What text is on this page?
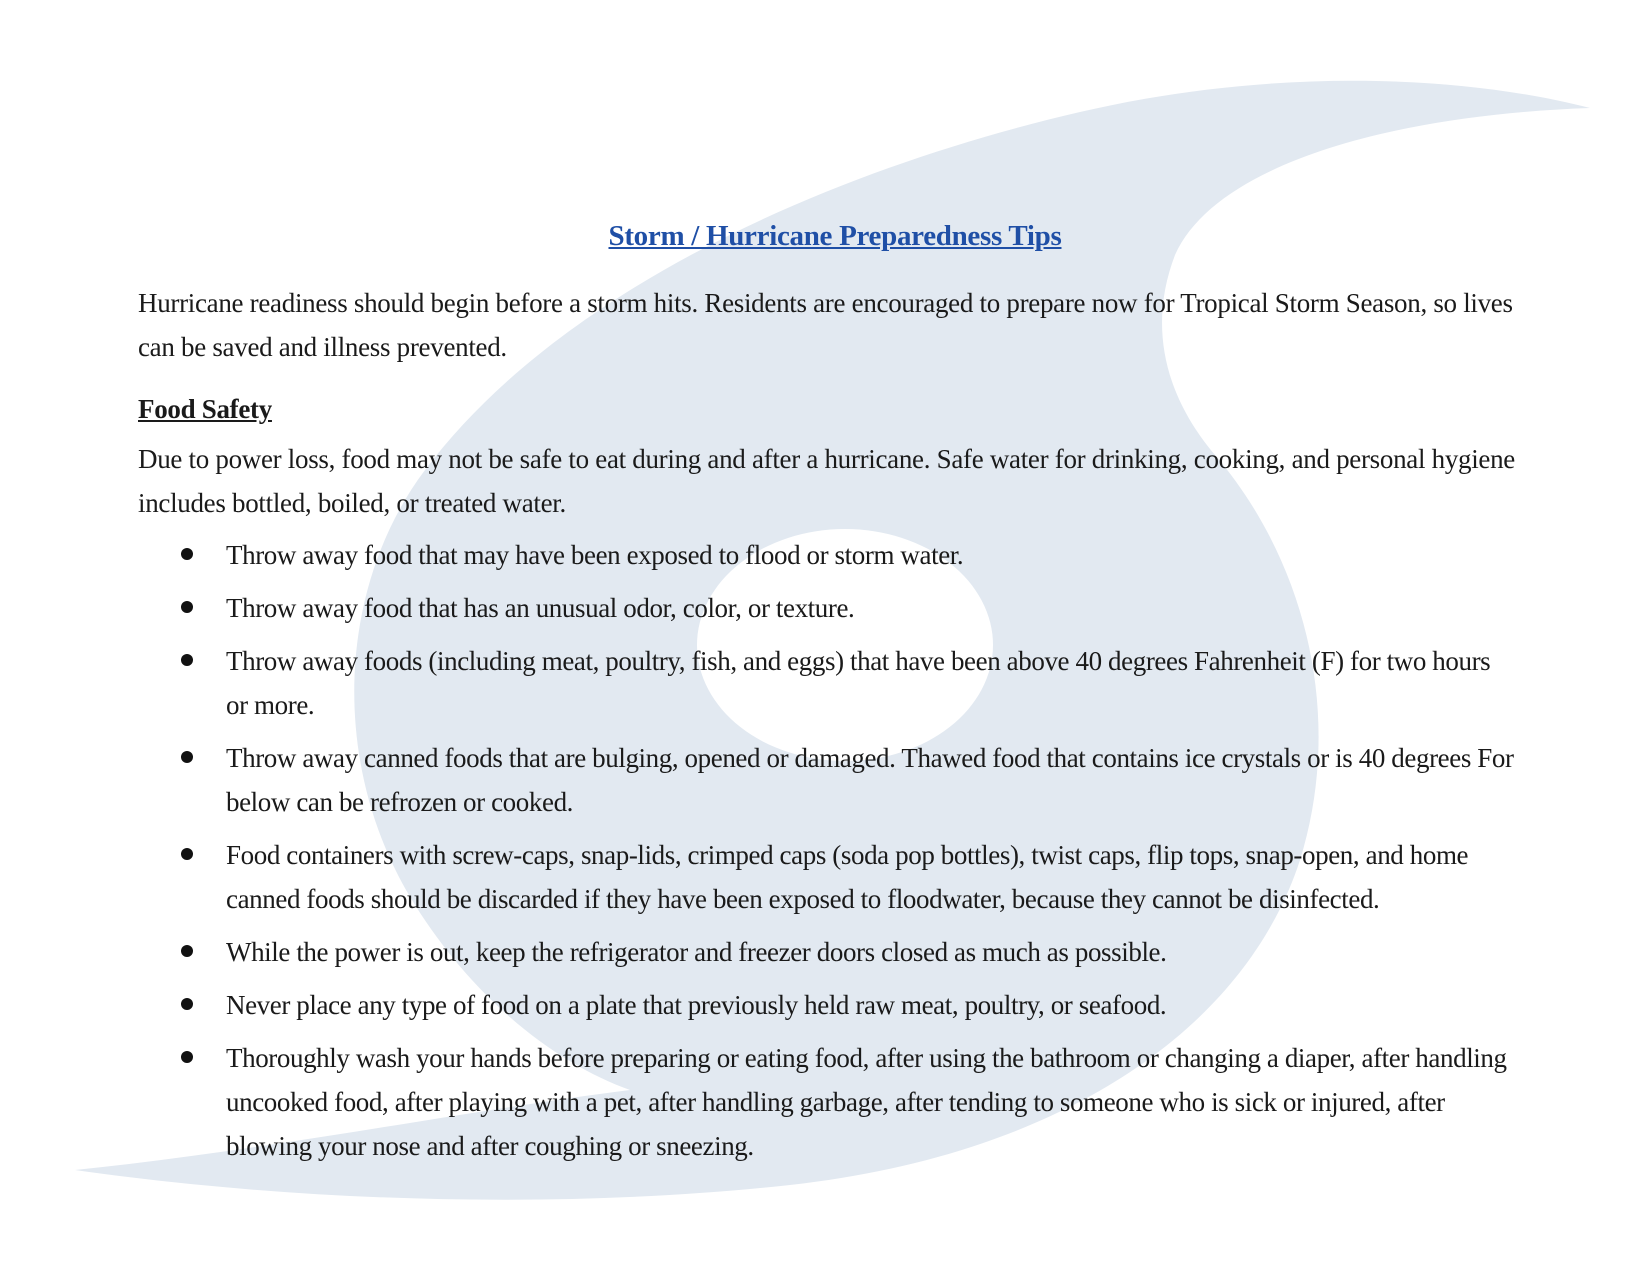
Storm / Hurricane Preparedness Tips

Hurricane readiness should begin before a storm hits. Residents are encouraged to prepare now for Tropical Storm Season, so lives can be saved and illness prevented.

Food Safety

Due to power loss, food may not be safe to eat during and after a hurricane. Safe water for drinking, cooking, and personal hygiene includes bottled, boiled, or treated water.

Throw away food that may have been exposed to flood or storm water.
Throw away food that has an unusual odor, color, or texture.
Throw away foods (including meat, poultry, fish, and eggs) that have been above 40 degrees Fahrenheit (F) for two hours or more.
Throw away canned foods that are bulging, opened or damaged. Thawed food that contains ice crystals or is 40 degrees For below can be refrozen or cooked.
Food containers with screw-caps, snap-lids, crimped caps (soda pop bottles), twist caps, flip tops, snap-open, and home canned foods should be discarded if they have been exposed to floodwater, because they cannot be disinfected.
While the power is out, keep the refrigerator and freezer doors closed as much as possible.
Never place any type of food on a plate that previously held raw meat, poultry, or seafood.
Thoroughly wash your hands before preparing or eating food, after using the bathroom or changing a diaper, after handling uncooked food, after playing with a pet, after handling garbage, after tending to someone who is sick or injured, after blowing your nose and after coughing or sneezing.
